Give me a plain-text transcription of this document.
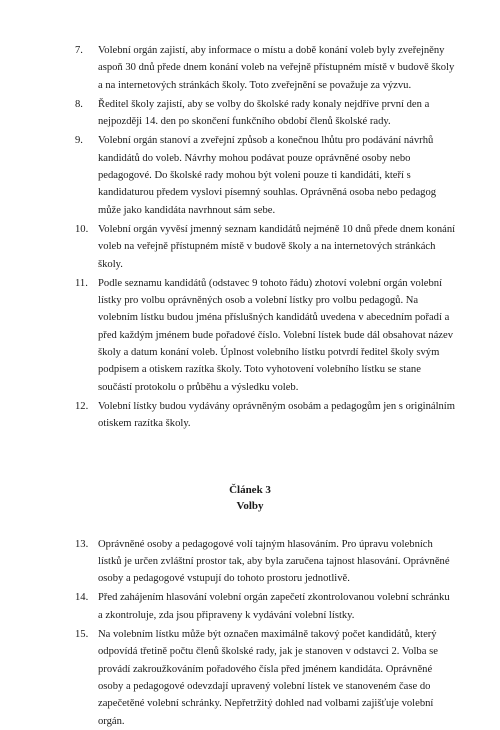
7.	Volební orgán zajistí, aby informace o místu a době konání voleb byly zveřejněny aspoň 30 dnů přede dnem konání voleb na veřejně přístupném místě v budově školy a na internetových stránkách školy. Toto zveřejnění se považuje za výzvu.
8.	Ředitel školy zajistí, aby se volby do školské rady konaly nejdříve první den a nejpozději 14. den po skončení funkčního období členů školské rady.
9.	Volební orgán stanoví a zveřejní způsob a konečnou lhůtu pro podávání návrhů kandidátů do voleb. Návrhy mohou podávat pouze oprávněné osoby nebo pedagogové. Do školské rady mohou být voleni pouze ti kandidáti, kteří s kandidaturou předem vyslovi písemný souhlas. Oprávněná osoba nebo pedagog může jako kandidáta navrhnout sám sebe.
10. Volební orgán vyvěsí jmenný seznam kandidátů nejméně 10 dnů přede dnem konání voleb na veřejně přístupném místě v budově školy a na internetových stránkách školy.
11. Podle seznamu kandidátů (odstavec 9 tohoto řádu) zhotoví volební orgán volební lístky pro volbu oprávněných osob a volební lístky pro volbu pedagogů. Na volebním lístku budou jména příslušných kandidátů uvedena v abecedním pořadí a před každým jménem bude pořadové číslo. Volební lístek bude dál obsahovat název školy a datum konání voleb. Úplnost volebního lístku potvrdí ředitel školy svým podpisem a otiskem razítka školy. Toto vyhotovení volebního lístku se stane součástí protokolu o průběhu a výsledku voleb.
12. Volební lístky budou vydávány oprávněným osobám a pedagogům jen s originálním otiskem razítka školy.

Článek 3

Volby

13. Oprávněné osoby a pedagogové volí tajným hlasováním. Pro úpravu volebních lístků je určen zvláštní prostor tak, aby byla zaručena tajnost hlasování. Oprávněné osoby a pedagogové vstupují do tohoto prostoru jednotlivě.
14. Před zahájením hlasování volební orgán zapečetí zkontrolovanou volební schránku a zkontroluje, zda jsou připraveny k vydávání volební lístky.
15. Na volebním lístku může být označen maximálně takový počet kandidátů, který odpovídá třetině počtu členů školské rady, jak je stanoven v odstavci 2. Volba se provádí zakroužkováním pořadového čísla před jménem kandidáta. Oprávněné osoby a pedagogové odevzdají upravený volební lístek ve stanoveném čase do zapečetěné volební schránky. Nepřetržitý dohled nad volbami zajišťuje volební orgán.
